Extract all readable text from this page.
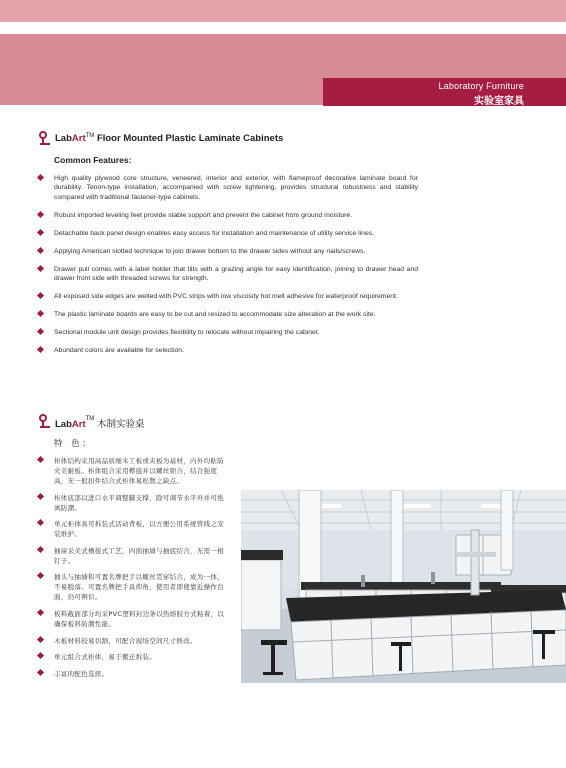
Laboratory Furniture
实验室家具
LabArt™ Floor Mounted Plastic Laminate Cabinets
Common Features:
High quality plywood core structure, veneered, interior and exterior, with flameproof decorative laminate board for durability. Tenon-type installation, accompanied with screw tightening, provides structural robustness and stability compared with traditional fastener-type cabinets.
Robust imported leveling feet provide stable support and prevent the cabinet from ground moisture.
Detachable back panel design enables easy access for installation and maintenance of utility service lines.
Applying American slotted technique to join drawer bottom to the drawer sides without any nails/screws.
Drawer pull comes with a label holder that tilts with a grazing angle for easy identification, joining to drawer head and drawer front side with threaded screws for strength.
All exposed side edges are welted with PVC strips with low viscosity hot melt adhesive for waterproof requirement.
The plastic laminate boards are easy to be cut and resized to accommodate size alteration at the work site.
Sectional module unit design provides flexibility to relocate without impairing the cabinet.
Abundant colors are available for selection.
LabArt™ 木制实验桌
特 色:
柜体结构采用高品质细木工板或夹板为基材，内外均贴防火美耐板。柜体组合采用榫接并以螺丝锁合，结合强度高，无一般扣件结合式柜体易松散之缺点。
柜体底部以进口水平调整脚支撑，除可调节水平外并可绝离防潮。
单元柜体具可拆装式活动背板，以方便公用系统管线之安装维护。
抽屉采美式槽接式工艺，四面抽墙与抽底结合，无需一根钉子。
抽头与抽墙和可置名牌把手以螺丝贯穿结合，成为一体，不易脱落。可置名牌把手具仰角，使用者即使靠近操作台面，仍可辨识。
板料截面部分均采PVC塑料封边条以热熔胶方式粘着，以确保板料防潮性能。
木板材料较易切割，可配合现场空间尺寸修改。
单元组合式柜体，易于搬迁拆装。
丰富的配色选择。
